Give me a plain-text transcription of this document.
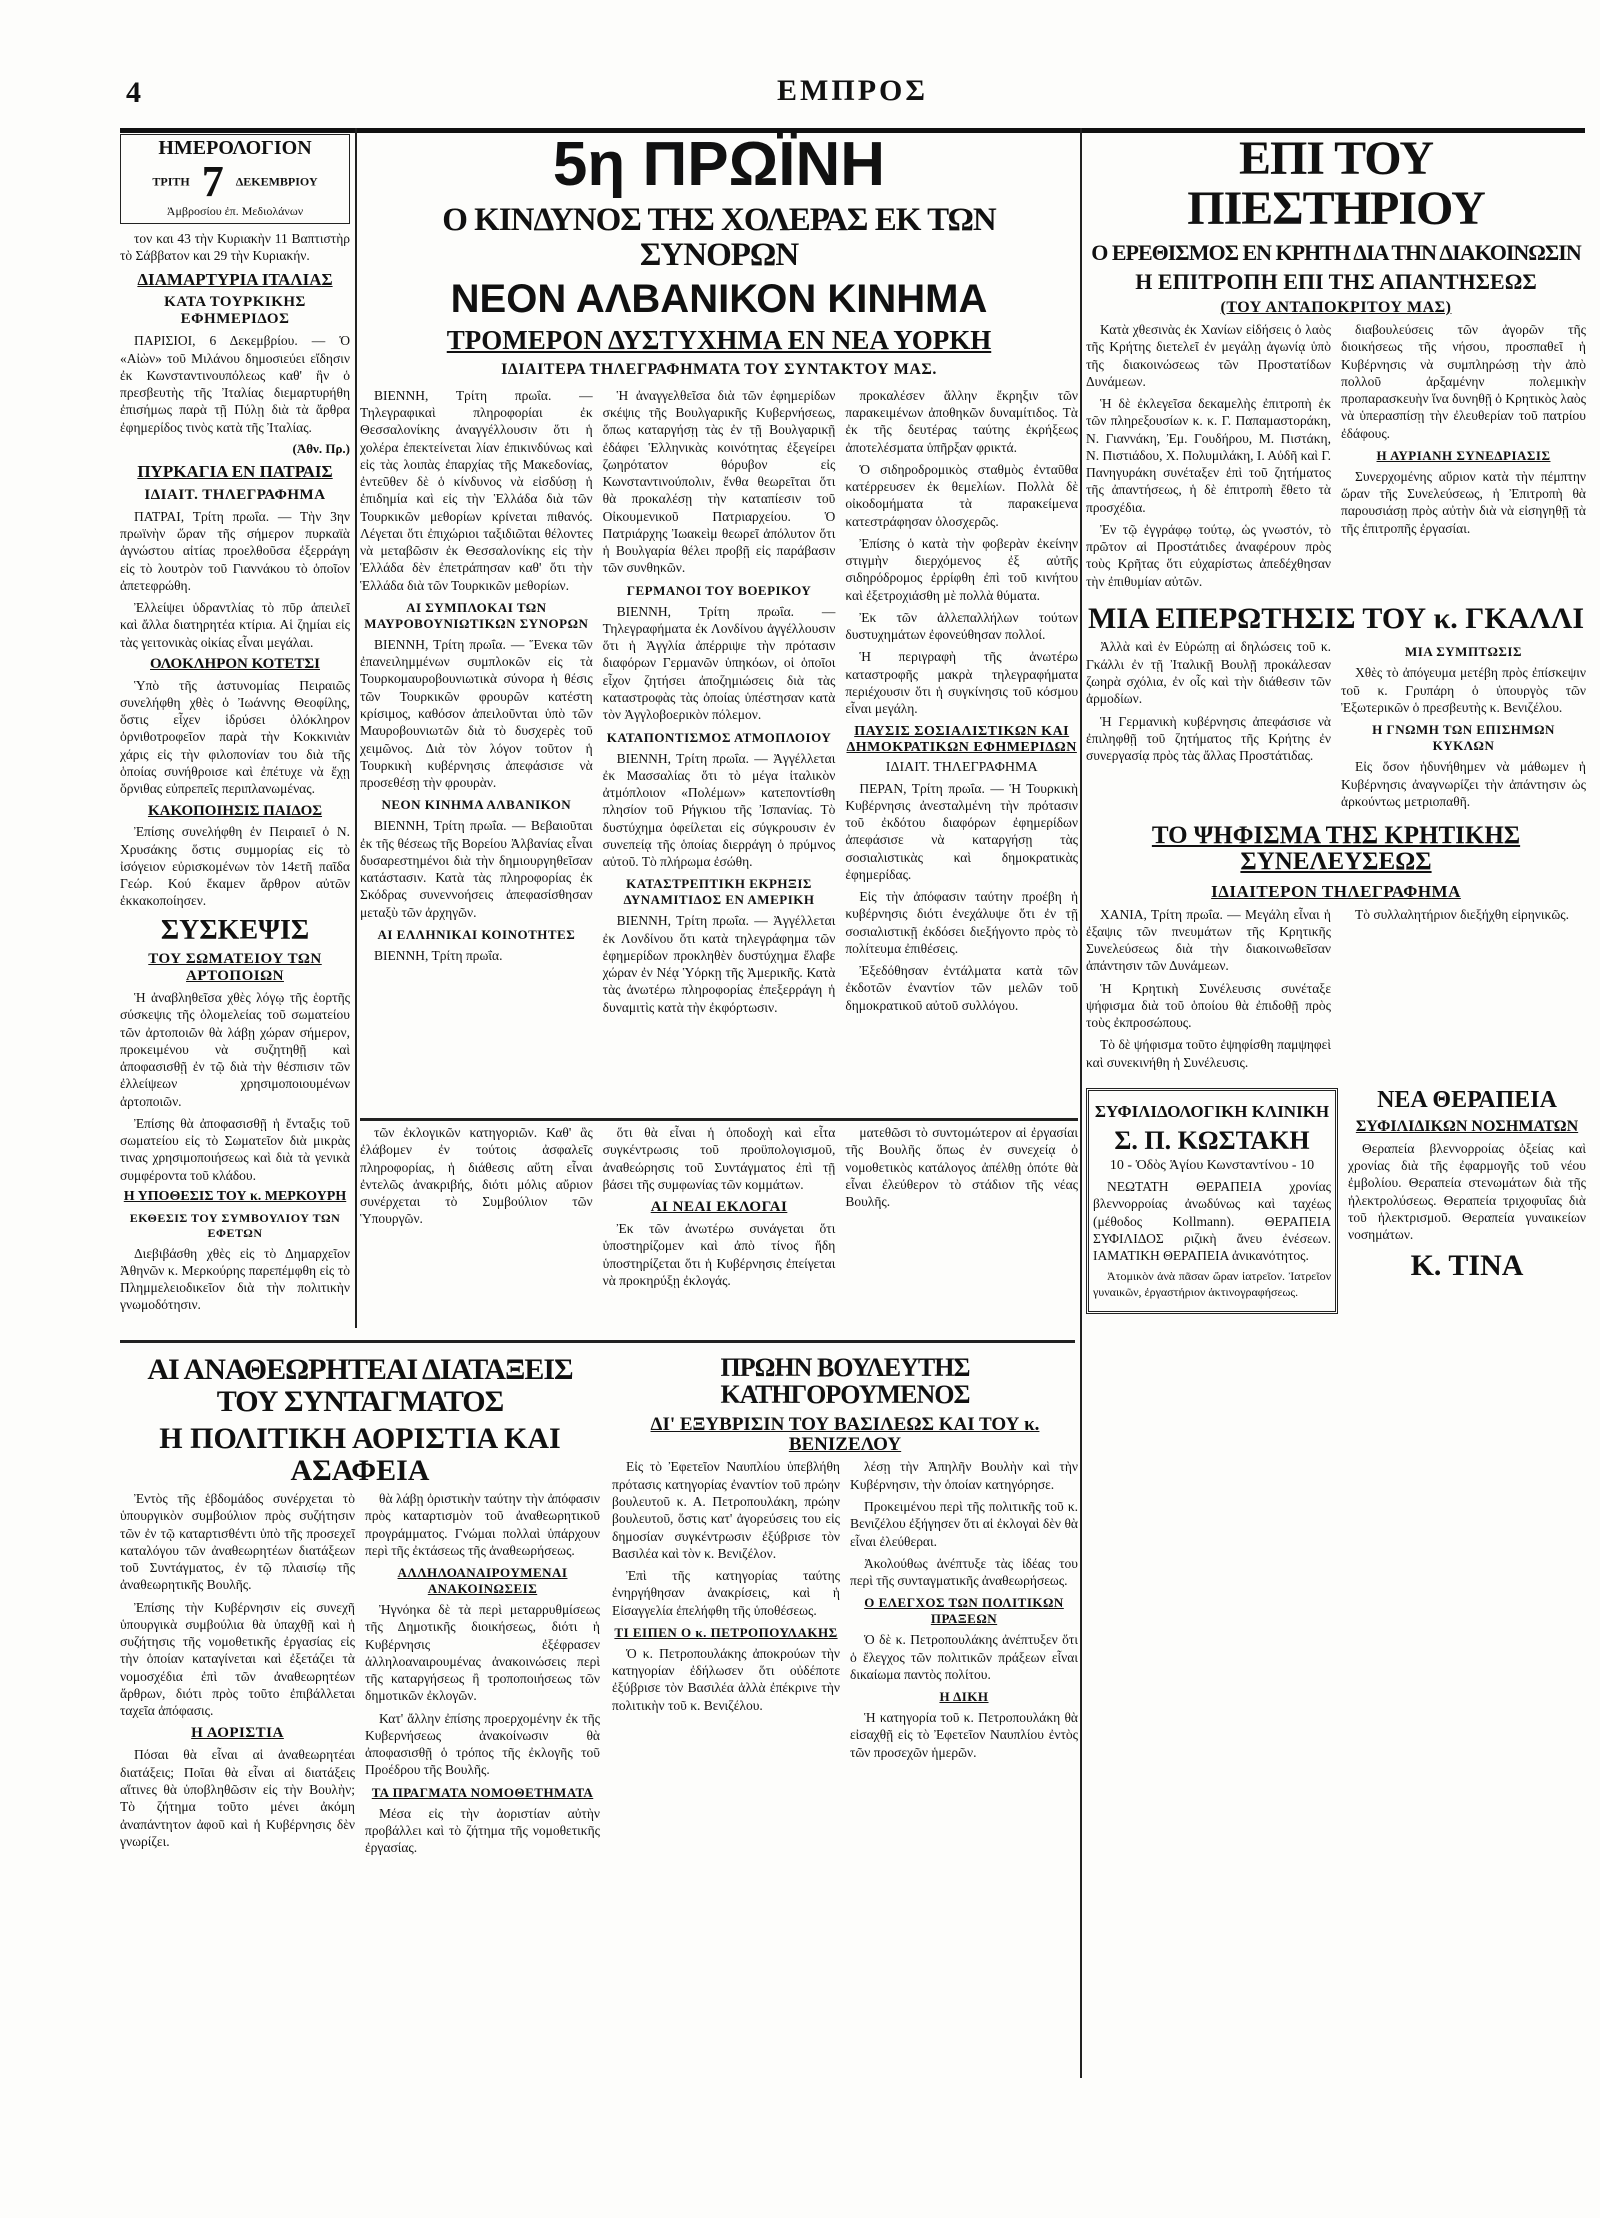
4	ΕΜΠΡΟΣ
ΗΜΕΡΟΛΟΓΙΟΝ
ΤΡΙΤΗ 7 ΔΕΚΕΜΒΡΙΟΥ
Ἀμβροσίου ἐπ. Μεδιολάνων

τον και 43 τὴν Κυριακὴν 11 Βαπτιστὴρ τὸ Σάββατον και 29 τὴν Κυριακήν.

ΔΙΑΜΑΡΤΥΡΙΑ ΙΤΑΛΙΑΣ
ΚΑΤΑ ΤΟΥΡΚΙΚΗΣ ΕΦΗΜΕΡΙΔΟΣ

ΠΑΡΙΣΙΟΙ, 6 Δεκεμβρίου. — Ὁ «Αἰὼν» τοῦ Μιλάνου δημοσιεύει εἴδησιν ἐκ Κωνσταντινουπόλεως καθ' ἣν ὁ πρεσβευτὴς τῆς Ἰταλίας διεμαρτυρήθη ἐπισήμως παρὰ τῇ Πύλῃ διὰ τὰ ἄρθρα ἐφημερίδος τινὸς κατὰ τῆς Ἰταλίας.

(Ἀθν. Πρ.)
ΠΥΡΚΑΓΙΑ ΕΝ ΠΑΤΡΑΙΣ
ΙΔΙΑΙΤ. ΤΗΛΕΓΡΑΦΗΜΑ

ΠΑΤΡΑΙ, Τρίτη πρωΐα. — Τὴν 3ην πρωϊνὴν ὥραν τῆς σήμερον πυρκαϊὰ ἀγνώστου αἰτίας προελθοῦσα ἐξερράγη εἰς τὸ λουτρὸν τοῦ Γιαννάκου τὸ ὁποῖον ἀπετεφρώθη.

Ἐλλείψει ὑδραντλίας τὸ πῦρ ἀπειλεῖ καὶ ἄλλα διατηρητέα κτίρια. Αἱ ζημίαι εἰς τὰς γειτονικὰς οἰκίας εἶναι μεγάλαι.

ΟΛΟΚΛΗΡΟΝ ΚΟΤΕΤΣΙ

Ὑπὸ τῆς ἀστυνομίας Πειραιῶς συνελήφθη χθὲς ὁ Ἰωάννης Θεοφίλης, ὅστις εἶχεν ἱδρύσει ὁλόκληρον ὀρνιθοτροφεῖον παρὰ τὴν Κοκκινιὰν χάρις εἰς τὴν φιλοπονίαν του διὰ τῆς ὁποίας συνήθροισε καὶ ἐπέτυχε νὰ ἔχῃ ὄρνιθας εὐπρεπεῖς περιπλανωμένας.

ΚΑΚΟΠΟΙΗΣΙΣ ΠΑΙΔΟΣ

Ἐπίσης συνελήφθη ἐν Πειραιεῖ ὁ Ν. Χρυσάκης ὅστις συμμορίας εἰς τὸ ἰσόγειον εὐρισκομένων τὸν 14ετῆ παῖδα Γεώρ. Κού ἔκαμεν ἄρθρον αὐτῶν ἐκκακοποίησεν.

ΣΥΣΚΕΨΙΣ
ΤΟΥ ΣΩΜΑΤΕΙΟΥ ΤΩΝ ΑΡΤΟΠΟΙΩΝ

Ἡ ἀναβληθεῖσα χθὲς λόγῳ τῆς ἑορτῆς σύσκεψις τῆς ὁλομελείας τοῦ σωματείου τῶν ἀρτοποιῶν θὰ λάβῃ χώραν σήμερον, προκειμένου νὰ συζητηθῇ καὶ ἀποφασισθῇ ἐν τῷ διὰ τὴν θέσπισιν τῶν ἐλλείψεων χρησιμοποιουμένων ἀρτοποιῶν.

Ἐπίσης θὰ ἀποφασισθῇ ἡ ἔνταξις τοῦ σωματείου εἰς τὸ Σωματεῖον διὰ μικρὰς τινας χρησιμοποιήσεως καὶ διὰ τὰ γενικὰ συμφέροντα τοῦ κλάδου.

Η ΥΠΟΘΕΣΙΣ ΤΟΥ κ. ΜΕΡΚΟΥΡΗ
ΕΚΘΕΣΙΣ ΤΟΥ ΣΥΜΒΟΥΛΙΟΥ ΤΩΝ ΕΦΕΤΩΝ

Διεβιβάσθη χθὲς εἰς τὸ Δημαρχεῖον Ἀθηνῶν κ. Μερκούρης παρεπέμφθη εἰς τὸ Πλημμελειοδικεῖον διὰ τὴν πολιτικὴν γνωμοδότησιν.

5η ΠΡΩΪΝΗ
Ο ΚΙΝΔΥΝΟΣ ΤΗΣ ΧΟΛΕΡΑΣ ΕΚ ΤΩΝ ΣΥΝΟΡΩΝ
ΝΕΟΝ ΑΛΒΑΝΙΚΟΝ ΚΙΝΗΜΑ
ΤΡΟΜΕΡΟΝ ΔΥΣΤΥΧΗΜΑ ΕΝ ΝΕΑ ΥΟΡΚΗ
ΙΔΙΑΙΤΕΡΑ ΤΗΛΕΓΡΑΦΗΜΑΤΑ ΤΟΥ ΣΥΝΤΑΚΤΟΥ ΜΑΣ.

ΒΙΕΝΝΗ, Τρίτη πρωΐα. — Τηλεγραφικαὶ πληροφορίαι ἐκ Θεσσαλονίκης ἀναγγέλλουσιν ὅτι ἡ χολέρα ἐπεκτείνεται λίαν ἐπικινδύνως καὶ εἰς τὰς λοιπὰς ἐπαρχίας τῆς Μακεδονίας, ἐντεῦθεν δὲ ὁ κίνδυνος νὰ εἰσδύσῃ ἡ ἐπιδημία καὶ εἰς τὴν Ἑλλάδα διὰ τῶν Τουρκικῶν μεθορίων κρίνεται πιθανός. Λέγεται ὅτι ἐπιχώριοι ταξιδιῶται θέλοντες νὰ μεταβῶσιν ἐκ Θεσσαλονίκης εἰς τὴν Ἑλλάδα δὲν ἐπετράπησαν καθ' ὅτι τὴν Ἑλλάδα διὰ τῶν Τουρκικῶν μεθορίων.

ΑΙ ΣΥΜΠΛΟΚΑΙ ΤΩΝ ΜΑΥΡΟΒΟΥΝΙΩΤΙΚΩΝ ΣΥΝΟΡΩΝ

ΒΙΕΝΝΗ, Τρίτη πρωΐα. — Ἕνεκα τῶν ἐπανειλημμένων συμπλοκῶν εἰς τὰ Τουρκομαυροβουνιωτικὰ σύνορα ἡ θέσις τῶν Τουρκικῶν φρουρῶν κατέστη κρίσιμος, καθόσον ἀπειλοῦνται ὑπὸ τῶν Μαυροβουνιωτῶν διὰ τὸ δυσχερὲς τοῦ χειμῶνος. Διὰ τὸν λόγον τοῦτον ἡ Τουρκικὴ κυβέρνησις ἀπεφάσισε νὰ προσεθέσῃ τὴν φρουρὰν.

ΝΕΟΝ ΚΙΝΗΜΑ ΑΛΒΑΝΙΚΟΝ

ΒΙΕΝΝΗ, Τρίτη πρωΐα. — Βεβαιοῦται ἐκ τῆς θέσεως τῆς Βορείου Ἀλβανίας εἶναι δυσαρεστημένοι διὰ τὴν δημιουργηθεῖσαν κατάστασιν. Κατὰ τὰς πληροφορίας ἐκ Σκόδρας συνεννοήσεις ἀπεφασίσθησαν μεταξὺ τῶν ἀρχηγῶν.

ΑΙ ΕΛΛΗΝΙΚΑΙ ΚΟΙΝΟΤΗΤΕΣ

ΒΙΕΝΝΗ, Τρίτη πρωΐα.

Ἡ ἀναγγελθεῖσα διὰ τῶν ἐφημερίδων σκέψις τῆς Βουλγαρικῆς Κυβερνήσεως, ὅπως καταργήσῃ τὰς ἐν τῇ Βουλγαρικῇ ἐδάφει Ἑλληνικὰς κοινότητας ἐξεγείρει ζωηρότατον θόρυβον εἰς Κωνσταντινούπολιν, ἔνθα θεωρεῖται ὅτι θὰ προκαλέσῃ τὴν καταπίεσιν τοῦ Οἰκουμενικοῦ Πατριαρχείου. Ὁ Πατριάρχης Ἰωακεὶμ θεωρεῖ ἀπόλυτον ὅτι ἡ Βουλγαρία θέλει προβῇ εἰς παράβασιν τῶν συνθηκῶν.

ΓΕΡΜΑΝΟΙ ΤΟΥ ΒΟΕΡΙΚΟΥ

ΒΙΕΝΝΗ, Τρίτη πρωΐα. — Τηλεγραφήματα ἐκ Λονδίνου ἀγγέλλουσιν ὅτι ἡ Ἀγγλία ἀπέρριψε τὴν πρότασιν διαφόρων Γερμανῶν ὑπηκόων, οἱ ὁποῖοι εἶχον ζητήσει ἀποζημιώσεις διὰ τὰς καταστροφὰς τὰς ὁποίας ὑπέστησαν κατὰ τὸν Ἀγγλοβοερικὸν πόλεμον.

ΚΑΤΑΠΟΝΤΙΣΜΟΣ ΑΤΜΟΠΛΟΙΟΥ

ΒΙΕΝΝΗ, Τρίτη πρωΐα. — Ἀγγέλλεται ἐκ Μασσαλίας ὅτι τὸ μέγα ἰταλικὸν ἀτμόπλοιον «Πολέμων» κατεποντίσθη πλησίον τοῦ Ρήγκιου τῆς Ἰσπανίας. Τὸ δυστύχημα ὀφείλεται εἰς σύγκρουσιν ἐν συνεπείᾳ τῆς ὁποίας διερράγη ὁ πρύμνος αὐτοῦ. Τὸ πλήρωμα ἐσώθη.

ΚΑΤΑΣΤΡΕΠΤΙΚΗ ΕΚΡΗΞΙΣ ΔΥΝΑΜΙΤΙΔΟΣ ΕΝ ΑΜΕΡΙΚΗ

ΒΙΕΝΝΗ, Τρίτη πρωΐα. — Ἀγγέλλεται ἐκ Λονδίνου ὅτι κατὰ τηλεγράφημα τῶν ἐφημερίδων προκληθὲν δυστύχημα ἔλαβε χώραν ἐν Νέᾳ Ὑόρκῃ τῆς Ἀμερικῆς. Κατὰ τὰς ἀνωτέρω πληροφορίας ἐπεξερράγη ἡ δυναμιτὶς κατὰ τὴν ἐκφόρτωσιν.

προκαλέσεν ἄλλην ἔκρηξιν τῶν παρακειμένων ἀποθηκῶν δυναμίτιδος. Τὰ ἐκ τῆς δευτέρας ταύτης ἐκρήξεως ἀποτελέσματα ὑπῆρξαν φρικτά.

Ὁ σιδηροδρομικὸς σταθμὸς ἐνταῦθα κατέρρευσεν ἐκ θεμελίων. Πολλὰ δὲ οἰκοδομήματα τὰ παρακείμενα κατεστράφησαν ὁλοσχερῶς.

Ἐπίσης ὁ κατὰ τὴν φοβερὰν ἐκείνην στιγμὴν διερχόμενος ἐξ αὐτῆς σιδηρόδρομος ἐρρίφθη ἐπὶ τοῦ κινήτου καὶ ἐξετροχιάσθη μὲ πολλὰ θύματα.

Ἐκ τῶν ἀλλεπαλλήλων τούτων δυστυχημάτων ἐφονεύθησαν πολλοί.

Ἡ περιγραφὴ τῆς ἀνωτέρω καταστροφῆς μακρὰ τηλεγραφήματα περιέχουσιν ὅτι ἡ συγκίνησις τοῦ κόσμου εἶναι μεγάλη.

ΠΑΥΣΙΣ ΣΟΣΙΑΛΙΣΤΙΚΩΝ ΚΑΙ ΔΗΜΟΚΡΑΤΙΚΩΝ ΕΦΗΜΕΡΙΔΩΝ
ΙΔΙΑΙΤ. ΤΗΛΕΓΡΑΦΗΜΑ

ΠΕΡΑΝ, Τρίτη πρωΐα. — Ἡ Τουρκικὴ Κυβέρνησις ἀνεσταλμένη τὴν πρότασιν τοῦ ἐκδότου διαφόρων ἐφημερίδων ἀπεφάσισε νὰ καταργήσῃ τὰς σοσιαλιστικὰς καὶ δημοκρατικὰς ἐφημερίδας.

Εἰς τὴν ἀπόφασιν ταύτην προέβη ἡ κυβέρνησις διότι ἐνεχάλυψε ὅτι ἐν τῇ σοσιαλιστικῇ ἐκδόσει διεξήγοντο πρὸς τὸ πολίτευμα ἐπιθέσεις.

Ἐξεδόθησαν ἐντάλματα κατὰ τῶν ἐκδοτῶν ἐναντίον τῶν μελῶν τοῦ δημοκρατικοῦ αὐτοῦ συλλόγου.

τῶν ἐκλογικῶν κατηγοριῶν. Καθ' ἃς ἐλάβομεν ἐν τούτοις ἀσφαλεῖς πληροφορίας, ἡ διάθεσις αὕτη εἶναι ἐντελῶς ἀνακριβής, διότι μόλις αὔριον συνέρχεται τὸ Συμβούλιον τῶν Ὑπουργῶν.

ὅτι θὰ εἶναι ἡ ὁποδοχὴ καὶ εἶτα συγκέντρωσις τοῦ προϋπολογισμοῦ, ἀναθεώρησις τοῦ Συντάγματος ἐπὶ τῇ βάσει τῆς συμφωνίας τῶν κομμάτων.

ΑΙ ΝΕΑΙ ΕΚΛΟΓΑΙ

Ἐκ τῶν ἀνωτέρω συνάγεται ὅτι ὑποστηρίζομεν καὶ ἀπὸ τίνος ἤδη ὑποστηρίζεται ὅτι ἡ Κυβέρνησις ἐπείγεται νὰ προκηρύξῃ ἐκλογάς.

ματεθῶσι τὸ συντομώτερον αἱ ἐργασίαι τῆς Βουλῆς ὅπως ἐν συνεχείᾳ ὁ νομοθετικὸς κατάλογος ἀπέλθῃ ὁπότε θὰ εἶναι ἐλεύθερον τὸ στάδιον τῆς νέας Βουλῆς.

ΑΙ ΑΝΑΘΕΩΡΗΤΕΑΙ ΔΙΑΤΑΞΕΙΣ ΤΟΥ ΣΥΝΤΑΓΜΑΤΟΣ
Η ΠΟΛΙΤΙΚΗ ΑΟΡΙΣΤΙΑ ΚΑΙ ΑΣΑΦΕΙΑ

Ἐντὸς τῆς ἑβδομάδος συνέρχεται τὸ ὑπουργικὸν συμβούλιον πρὸς συζήτησιν τῶν ἐν τῷ καταρτισθέντι ὑπὸ τῆς προσεχεῖ καταλόγου τῶν ἀναθεωρητέων διατάξεων τοῦ Συντάγματος, ἐν τῷ πλαισίῳ τῆς ἀναθεωρητικῆς Βουλῆς.

Ἐπίσης τὴν Κυβέρνησιν εἰς συνεχῆ ὑπουργικὰ συμβούλια θὰ ὑπαχθῇ καὶ ἡ συζήτησις τῆς νομοθετικῆς ἐργασίας εἰς τὴν ὁποίαν καταγίνεται καὶ ἐξετάζει τὰ νομοσχέδια ἐπὶ τῶν ἀναθεωρητέων ἄρθρων, διότι πρὸς τοῦτο ἐπιβάλλεται ταχεῖα ἀπόφασις.

Η ΑΟΡΙΣΤΙΑ

Πόσαι θὰ εἶναι αἱ ἀναθεωρητέαι διατάξεις; Ποῖαι θὰ εἶναι αἱ διατάξεις αἵτινες θὰ ὑποβληθῶσιν εἰς τὴν Βουλὴν; Τὸ ζήτημα τοῦτο μένει ἀκόμη ἀναπάντητον ἀφοῦ καὶ ἡ Κυβέρνησις δὲν γνωρίζει.

θὰ λάβῃ ὁριστικὴν ταύτην τὴν ἀπόφασιν πρὸς καταρτισμὸν τοῦ ἀναθεωρητικοῦ προγράμματος. Γνώμαι πολλαὶ ὑπάρχουν περὶ τῆς ἐκτάσεως τῆς ἀναθεωρήσεως.

ΑΛΛΗΛΟΑΝΑΙΡΟΥΜΕΝΑΙ ΑΝΑΚΟΙΝΩΣΕΙΣ

Ἠγνόηκα δὲ τὰ περὶ μεταρρυθμίσεως τῆς Δημοτικῆς διοικήσεως, διότι ἡ Κυβέρνησις ἐξέφρασεν ἀλληλοαναιρουμένας ἀνακοινώσεις περὶ τῆς καταργήσεως ἢ τροποποιήσεως τῶν δημοτικῶν ἐκλογῶν.

Κατ' ἄλλην ἐπίσης προερχομένην ἐκ τῆς Κυβερνήσεως ἀνακοίνωσιν θὰ ἀποφασισθῇ ὁ τρόπος τῆς ἐκλογῆς τοῦ Προέδρου τῆς Βουλῆς.

ΤΑ ΠΡΑΓΜΑΤΑ ΝΟΜΟΘΕΤΗΜΑΤΑ

Μέσα εἰς τὴν ἀοριστίαν αὐτὴν προβάλλει καὶ τὸ ζήτημα τῆς νομοθετικῆς ἐργασίας.

ΠΡΩΗΝ ΒΟΥΛΕΥΤΗΣ ΚΑΤΗΓΟΡΟΥΜΕΝΟΣ
ΔΙ' ΕΞΥΒΡΙΣΙΝ ΤΟΥ ΒΑΣΙΛΕΩΣ ΚΑΙ ΤΟΥ κ. ΒΕΝΙΖΕΛΟΥ

Εἰς τὸ Ἐφετεῖον Ναυπλίου ὑπεβλήθη πρότασις κατηγορίας ἐναντίον τοῦ πρώην βουλευτοῦ κ. Α. Πετροπουλάκη, πρώην βουλευτοῦ, ὅστις κατ' ἀγορεύσεις του εἰς δημοσίαν συγκέντρωσιν ἐξύβρισε τὸν Βασιλέα καὶ τὸν κ. Βενιζέλον.

Ἐπὶ τῆς κατηγορίας ταύτης ἐνηργήθησαν ἀνακρίσεις, καὶ ἡ Εἰσαγγελία ἐπελήφθη τῆς ὑποθέσεως.

ΤΙ ΕΙΠΕΝ Ο κ. ΠΕΤΡΟΠΟΥΛΑΚΗΣ

Ὁ κ. Πετροπουλάκης ἀποκρούων τὴν κατηγορίαν ἐδήλωσεν ὅτι οὐδέποτε ἐξύβρισε τὸν Βασιλέα ἀλλὰ ἐπέκρινε τὴν πολιτικὴν τοῦ κ. Βενιζέλου.

λέσῃ τὴν Ἀπηλῆν Βουλὴν καὶ τὴν Κυβέρνησιν, τὴν ὁποίαν κατηγόρησε.

Προκειμένου περὶ τῆς πολιτικῆς τοῦ κ. Βενιζέλου ἐξήγησεν ὅτι αἱ ἐκλογαὶ δὲν θὰ εἶναι ἐλεύθεραι.

Ἀκολούθως ἀνέπτυξε τὰς ἰδέας του περὶ τῆς συνταγματικῆς ἀναθεωρήσεως.

Ο ΕΛΕΓΧΟΣ ΤΩΝ ΠΟΛΙΤΙΚΩΝ ΠΡΑΞΕΩΝ

Ὁ δὲ κ. Πετροπουλάκης ἀνέπτυξεν ὅτι ὁ ἔλεγχος τῶν πολιτικῶν πράξεων εἶναι δικαίωμα παντὸς πολίτου.

Η ΔΙΚΗ

Ἡ κατηγορία τοῦ κ. Πετροπουλάκη θὰ εἰσαχθῇ εἰς τὸ Ἐφετεῖον Ναυπλίου ἐντὸς τῶν προσεχῶν ἡμερῶν.

ΕΠΙ ΤΟΥ ΠΙΕΣΤΗΡΙΟΥ
Ο ΕΡΕΘΙΣΜΟΣ ΕΝ ΚΡΗΤΗ ΔΙΑ ΤΗΝ ΔΙΑΚΟΙΝΩΣΙΝ
Η ΕΠΙΤΡΟΠΗ ΕΠΙ ΤΗΣ ΑΠΑΝΤΗΣΕΩΣ
(ΤΟΥ ΑΝΤΑΠΟΚΡΙΤΟΥ ΜΑΣ)

Κατὰ χθεσινὰς ἐκ Χανίων εἰδήσεις ὁ λαὸς τῆς Κρήτης διετελεῖ ἐν μεγάλῃ ἀγωνίᾳ ὑπὸ τῆς διακοινώσεως τῶν Προστατίδων Δυνάμεων.

Ἡ δὲ ἐκλεγεῖσα δεκαμελὴς ἐπιτροπὴ ἐκ τῶν πληρεξουσίων κ. κ. Γ. Παπαμαστοράκη, Ν. Γιαννάκη, Ἐμ. Γουδήρου, Μ. Πιστάκη, Ν. Πιστιάδου, Χ. Πολυμιλάκη, Ι. Αὐδῆ καὶ Γ. Πανηγυράκη συνέταξεν ἐπὶ τοῦ ζητήματος τῆς ἀπαντήσεως, ἡ δὲ ἐπιτροπὴ ἔθετο τὰ προσχέδια.

Ἐν τῷ ἐγγράφῳ τούτῳ, ὡς γνωστόν, τὸ πρῶτον αἱ Προστάτιδες ἀναφέρουν πρὸς τοὺς Κρῆτας ὅτι εὐχαρίστως ἀπεδέχθησαν τὴν ἐπιθυμίαν αὐτῶν.

διαβουλεύσεις τῶν ἀγορῶν τῆς διοικήσεως τῆς νήσου, προσπαθεῖ ἡ Κυβέρνησις νὰ συμπληρώσῃ τὴν ἀπὸ πολλοῦ ἀρξαμένην πολεμικὴν προπαρασκευὴν ἵνα δυνηθῇ ὁ Κρητικὸς λαὸς νὰ ὑπερασπίσῃ τὴν ἐλευθερίαν τοῦ πατρίου ἐδάφους.

Η ΑΥΡΙΑΝΗ ΣΥΝΕΔΡΙΑΣΙΣ

Συνερχομένης αὔριον κατὰ τὴν πέμπτην ὥραν τῆς Συνελεύσεως, ἡ Ἐπιτροπὴ θὰ παρουσιάσῃ πρὸς αὐτὴν διὰ νὰ εἰσηγηθῇ τὰ τῆς ἐπιτροπῆς ἐργασίαι.

ΜΙΑ ΕΠΕΡΩΤΗΣΙΣ ΤΟΥ κ. ΓΚΑΛΛΙ

Ἀλλὰ καὶ ἐν Εὐρώπῃ αἱ δηλώσεις τοῦ κ. Γκάλλι ἐν τῇ Ἰταλικῇ Βουλῇ προκάλεσαν ζωηρὰ σχόλια, ἐν οἷς καὶ τὴν διάθεσιν τῶν ἀρμοδίων.

Ἡ Γερμανικὴ κυβέρνησις ἀπεφάσισε νὰ ἐπιληφθῇ τοῦ ζητήματος τῆς Κρήτης ἐν συνεργασίᾳ πρὸς τὰς ἄλλας Προστάτιδας.

ΜΙΑ ΣΥΜΠΤΩΣΙΣ

Χθὲς τὸ ἀπόγευμα μετέβη πρὸς ἐπίσκεψιν τοῦ κ. Γρυπάρη ὁ ὑπουργὸς τῶν Ἐξωτερικῶν ὁ πρεσβευτὴς κ. Βενιζέλου.

Η ΓΝΩΜΗ ΤΩΝ ΕΠΙΣΗΜΩΝ ΚΥΚΛΩΝ

Εἰς ὅσον ἠδυνήθημεν νὰ μάθωμεν ἡ Κυβέρνησις ἀναγνωρίζει τὴν ἀπάντησιν ὡς ἀρκούντως μετριοπαθῆ.

ΤΟ ΨΗΦΙΣΜΑ ΤΗΣ ΚΡΗΤΙΚΗΣ ΣΥΝΕΛΕΥΣΕΩΣ
ΙΔΙΑΙΤΕΡΟΝ ΤΗΛΕΓΡΑΦΗΜΑ

ΧΑΝΙΑ, Τρίτη πρωΐα. — Μεγάλη εἶναι ἡ ἐξαψις τῶν πνευμάτων τῆς Κρητικῆς Συνελεύσεως διὰ τὴν διακοινωθεῖσαν ἀπάντησιν τῶν Δυνάμεων.

Ἡ Κρητικὴ Συνέλευσις συνέταξε ψήφισμα διὰ τοῦ ὁποίου θὰ ἐπιδοθῇ πρὸς τοὺς ἐκπροσώπους.

Τὸ δὲ ψήφισμα τοῦτο ἐψηφίσθη παμψηφεὶ καὶ συνεκινήθη ἡ Συνέλευσις.

Τὸ συλλαλητήριον διεξήχθη εἰρηνικῶς.

ΣΥΦΙΛΙΔΟΛΟΓΙΚΗ ΚΛΙΝΙΚΗ
Σ. Π. ΚΩΣΤΑΚΗ
10 - Ὁδὸς Ἁγίου Κωνσταντίνου - 10

ΝΕΩΤΑΤΗ ΘΕΡΑΠΕΙΑ χρονίας βλεννορροίας ἀνωδύνως καὶ ταχέως (μέθοδος Kollmann). ΘΕΡΑΠΕΙΑ ΣΥΦΙΛΙΔΟΣ ριζικὴ ἄνευ ἐνέσεων. ΙΑΜΑΤΙΚΗ ΘΕΡΑΠΕΙΑ ἀνικανότητος.

Ἀτομικὸν ἀνὰ πᾶσαν ὥραν ἰατρεῖον. Ἰατρεῖον γυναικῶν, ἐργαστήριον ἀκτινογραφήσεως.

ΝΕΑ ΘΕΡΑΠΕΙΑ
ΣΥΦΙΛΙΔΙΚΩΝ ΝΟΣΗΜΑΤΩΝ

Θεραπεία βλεννορροίας ὀξείας καὶ χρονίας διὰ τῆς ἐφαρμογῆς τοῦ νέου ἐμβολίου. Θεραπεία στενωμάτων διὰ τῆς ἠλεκτρολύσεως. Θεραπεία τριχοφυΐας διὰ τοῦ ἠλεκτρισμοῦ. Θεραπεία γυναικείων νοσημάτων.

Κ. ΤΙΝΑ
